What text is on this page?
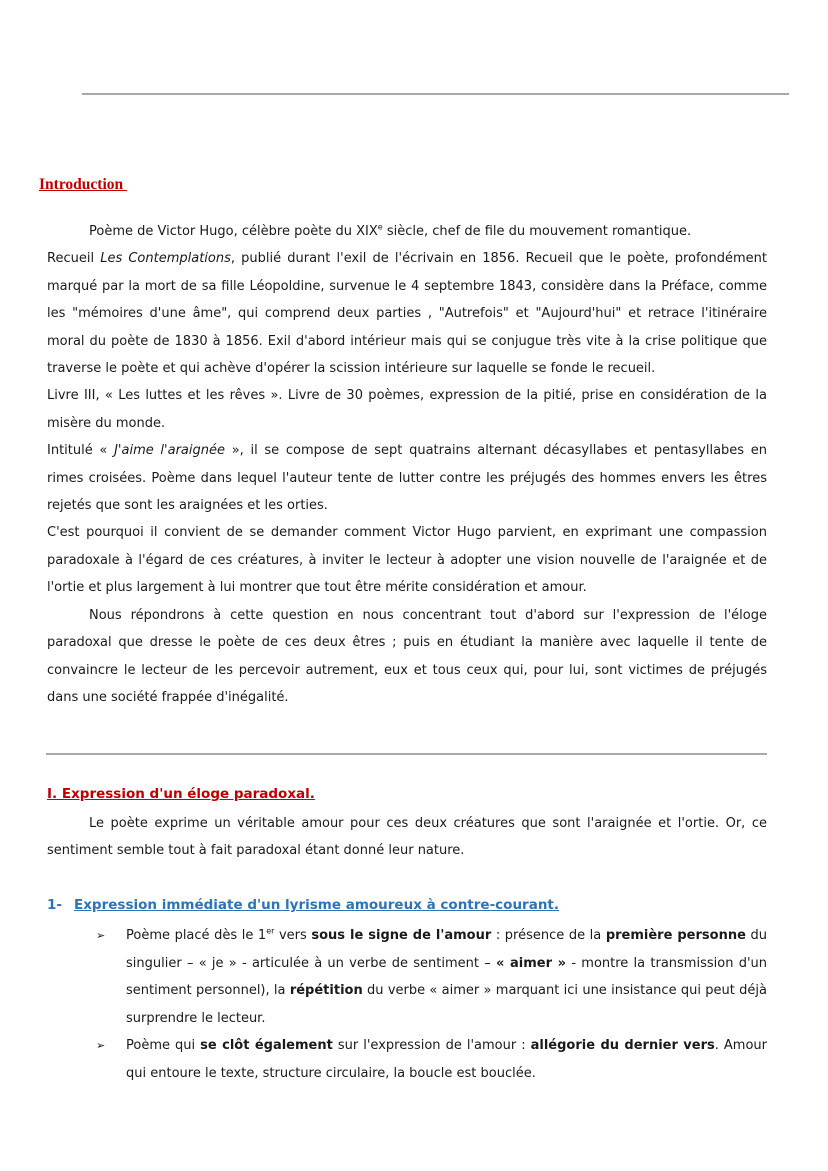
Introduction

Poème de Victor Hugo, célèbre poète du XIXe siècle, chef de file du mouvement romantique.

Recueil Les Contemplations, publié durant l'exil de l'écrivain en 1856. Recueil que le poète, profondément marqué par la mort de sa fille Léopoldine, survenue le 4 septembre 1843, considère dans la Préface, comme les "mémoires d'une âme", qui comprend deux parties , "Autrefois" et "Aujourd'hui" et retrace l'itinéraire moral du poète de 1830 à 1856. Exil d'abord intérieur mais qui se conjugue très vite à la crise politique que traverse le poète et qui achève d'opérer la scission intérieure sur laquelle se fonde le recueil.

Livre III, « Les luttes et les rêves ». Livre de 30 poèmes, expression de la pitié, prise en considération de la misère du monde.

Intitulé « J'aime l'araignée », il se compose de sept quatrains alternant décasyllabes et pentasyllabes en rimes croisées. Poème dans lequel l'auteur tente de lutter contre les préjugés des hommes envers les êtres rejetés que sont les araignées et les orties.

C'est pourquoi il convient de se demander comment Victor Hugo parvient, en exprimant une compassion paradoxale à l'égard de ces créatures, à inviter le lecteur à adopter une vision nouvelle de l'araignée et de l'ortie et plus largement à lui montrer que tout être mérite considération et amour.

Nous répondrons à cette question en nous concentrant tout d'abord sur l'expression de l'éloge paradoxal que dresse le poète de ces deux êtres ; puis en étudiant la manière avec laquelle il tente de convaincre le lecteur de les percevoir autrement, eux et tous ceux qui, pour lui, sont victimes de préjugés dans une société frappée d'inégalité.

I. Expression d'un éloge paradoxal.

Le poète exprime un véritable amour pour ces deux créatures que sont l'araignée et l'ortie. Or, ce sentiment semble tout à fait paradoxal étant donné leur nature.

1- Expression immédiate d'un lyrisme amoureux à contre-courant.
➢ Poème placé dès le 1er vers sous le signe de l'amour : présence de la première personne du singulier – « je » - articulée à un verbe de sentiment – « aimer » - montre la transmission d'un sentiment personnel), la répétition du verbe « aimer » marquant ici une insistance qui peut déjà surprendre le lecteur.
➢ Poème qui se clôt également sur l'expression de l'amour : allégorie du dernier vers. Amour qui entoure le texte, structure circulaire, la boucle est bouclée.
